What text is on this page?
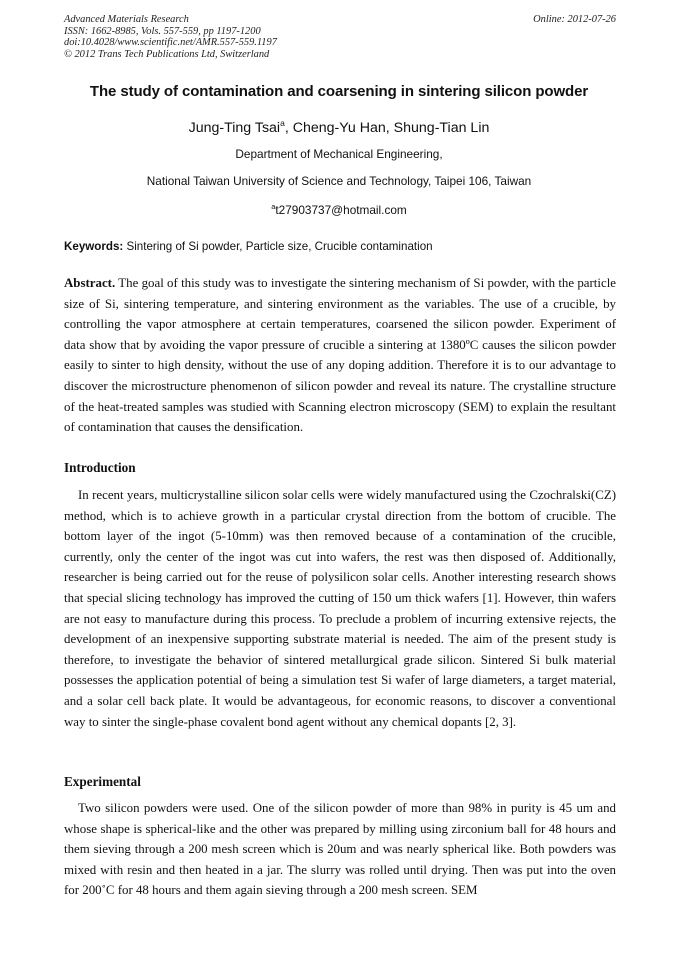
Advanced Materials Research
ISSN: 1662-8985, Vols. 557-559, pp 1197-1200
doi:10.4028/www.scientific.net/AMR.557-559.1197
© 2012 Trans Tech Publications Ltd, Switzerland
Online: 2012-07-26
The study of contamination and coarsening in sintering silicon powder
Jung-Ting Tsai$^a$, Cheng-Yu Han, Shung-Tian Lin
Department of Mechanical Engineering,
National Taiwan University of Science and Technology, Taipei 106, Taiwan
$^a$t27903737@hotmail.com
Keywords: Sintering of Si powder, Particle size, Crucible contamination
Abstract. The goal of this study was to investigate the sintering mechanism of Si powder, with the particle size of Si, sintering temperature, and sintering environment as the variables. The use of a crucible, by controlling the vapor atmosphere at certain temperatures, coarsened the silicon powder. Experiment of data show that by avoiding the vapor pressure of crucible a sintering at 1380ºC causes the silicon powder easily to sinter to high density, without the use of any doping addition. Therefore it is to our advantage to discover the microstructure phenomenon of silicon powder and reveal its nature. The crystalline structure of the heat-treated samples was studied with Scanning electron microscopy (SEM) to explain the resultant of contamination that causes the densification.
Introduction
In recent years, multicrystalline silicon solar cells were widely manufactured using the Czochralski(CZ) method, which is to achieve growth in a particular crystal direction from the bottom of crucible. The bottom layer of the ingot (5-10mm) was then removed because of a contamination of the crucible, currently, only the center of the ingot was cut into wafers, the rest was then disposed of. Additionally, researcher is being carried out for the reuse of polysilicon solar cells. Another interesting research shows that special slicing technology has improved the cutting of 150 um thick wafers [1]. However, thin wafers are not easy to manufacture during this process. To preclude a problem of incurring extensive rejects, the development of an inexpensive supporting substrate material is needed. The aim of the present study is therefore, to investigate the behavior of sintered metallurgical grade silicon. Sintered Si bulk material possesses the application potential of being a simulation test Si wafer of large diameters, a target material, and a solar cell back plate. It would be advantageous, for economic reasons, to discover a conventional way to sinter the single-phase covalent bond agent without any chemical dopants [2, 3].
Experimental
Two silicon powders were used. One of the silicon powder of more than 98% in purity is 45 um and whose shape is spherical-like and the other was prepared by milling using zirconium ball for 48 hours and them sieving through a 200 mesh screen which is 20um and was nearly spherical like. Both powders was mixed with resin and then heated in a jar. The slurry was rolled until drying. Then was put into the oven for 200˚C for 48 hours and them again sieving through a 200 mesh screen. SEM
